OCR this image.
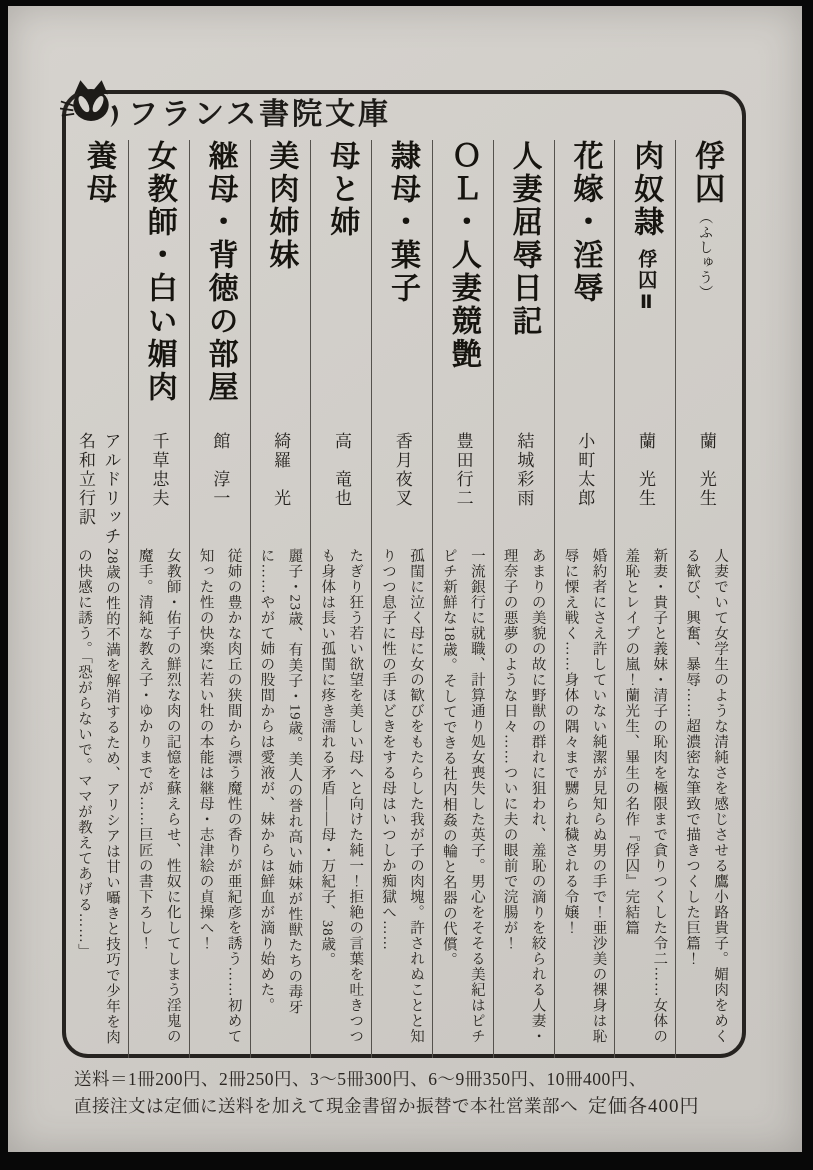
フランス書院文庫
俘囚（ふしゅう）
蘭　光生
人妻でいて女学生のような清純さを感じさせる鷹小路貴子。媚肉をめくる歓び、興奮、暴辱……超濃密な筆致で描きつくした巨篇！
肉奴隷俘囚Ⅱ
蘭　光生
新妻・貴子と義妹・清子の恥肉を極限まで貪りつくした令二……女体の羞恥とレイプの嵐！蘭光生、畢生の名作『俘囚』完結篇
花嫁・淫辱
小町太郎
婚約者にさえ許していない純潔が見知らぬ男の手で！亜沙美の裸身は恥辱に慄え戦く……身体の隅々まで嬲られ穢される令嬢！
人妻屈辱日記
結城彩雨
あまりの美貌の故に野獣の群れに狙われ、羞恥の滴りを絞られる人妻・理奈子の悪夢のような日々……ついに夫の眼前で浣腸が！
ＯＬ・人妻競艶
豊田行二
一流銀行に就職、計算通り処女喪失した英子。男心をそそる美紀はピチピチ新鮮な18歳。そしてできる社内相姦の輪と名器の代償。
隷母・葉子
香月夜叉
孤閨に泣く母に女の歓びをもたらした我が子の肉塊。許されぬことと知りつつ息子に性の手ほどきをする母はいつしか痴獄へ……
母と姉
高　竜也
たぎり狂う若い欲望を美しい母へと向けた純一！拒絶の言葉を吐きつつも身体は長い孤閨に疼き濡れる矛盾――母・万紀子、38歳。
美肉姉妹
綺羅　光
麗子・23歳、有美子・19歳。美人の誉れ高い姉妹が性獣たちの毒牙に……やがて姉の股間からは愛液が、妹からは鮮血が滴り始めた。
継母・背徳の部屋
館　淳一
従姉の豊かな肉丘の狭間から漂う魔性の香りが亜紀彦を誘う……初めて知った性の快楽に若い牡の本能は継母・志津絵の貞操へ！
女教師・白い媚肉
千草忠夫
女教師・佑子の鮮烈な肉の記憶を蘇えらせ、性奴に化してしまう淫鬼の魔手。清純な教え子・ゆかりまでが……巨匠の書下ろし！
養母
アルドリッチ
名和立行訳
28歳の性的不満を解消するため、アリシアは甘い囁きと技巧で少年を肉の快感に誘う。「恐がらないで。ママが教えてあげる……」
送料＝1冊200円、2冊250円、3～5冊300円、6～9冊350円、10冊400円、
直接注文は定価に送料を加えて現金書留か振替で本社営業部へ 定価各400円
